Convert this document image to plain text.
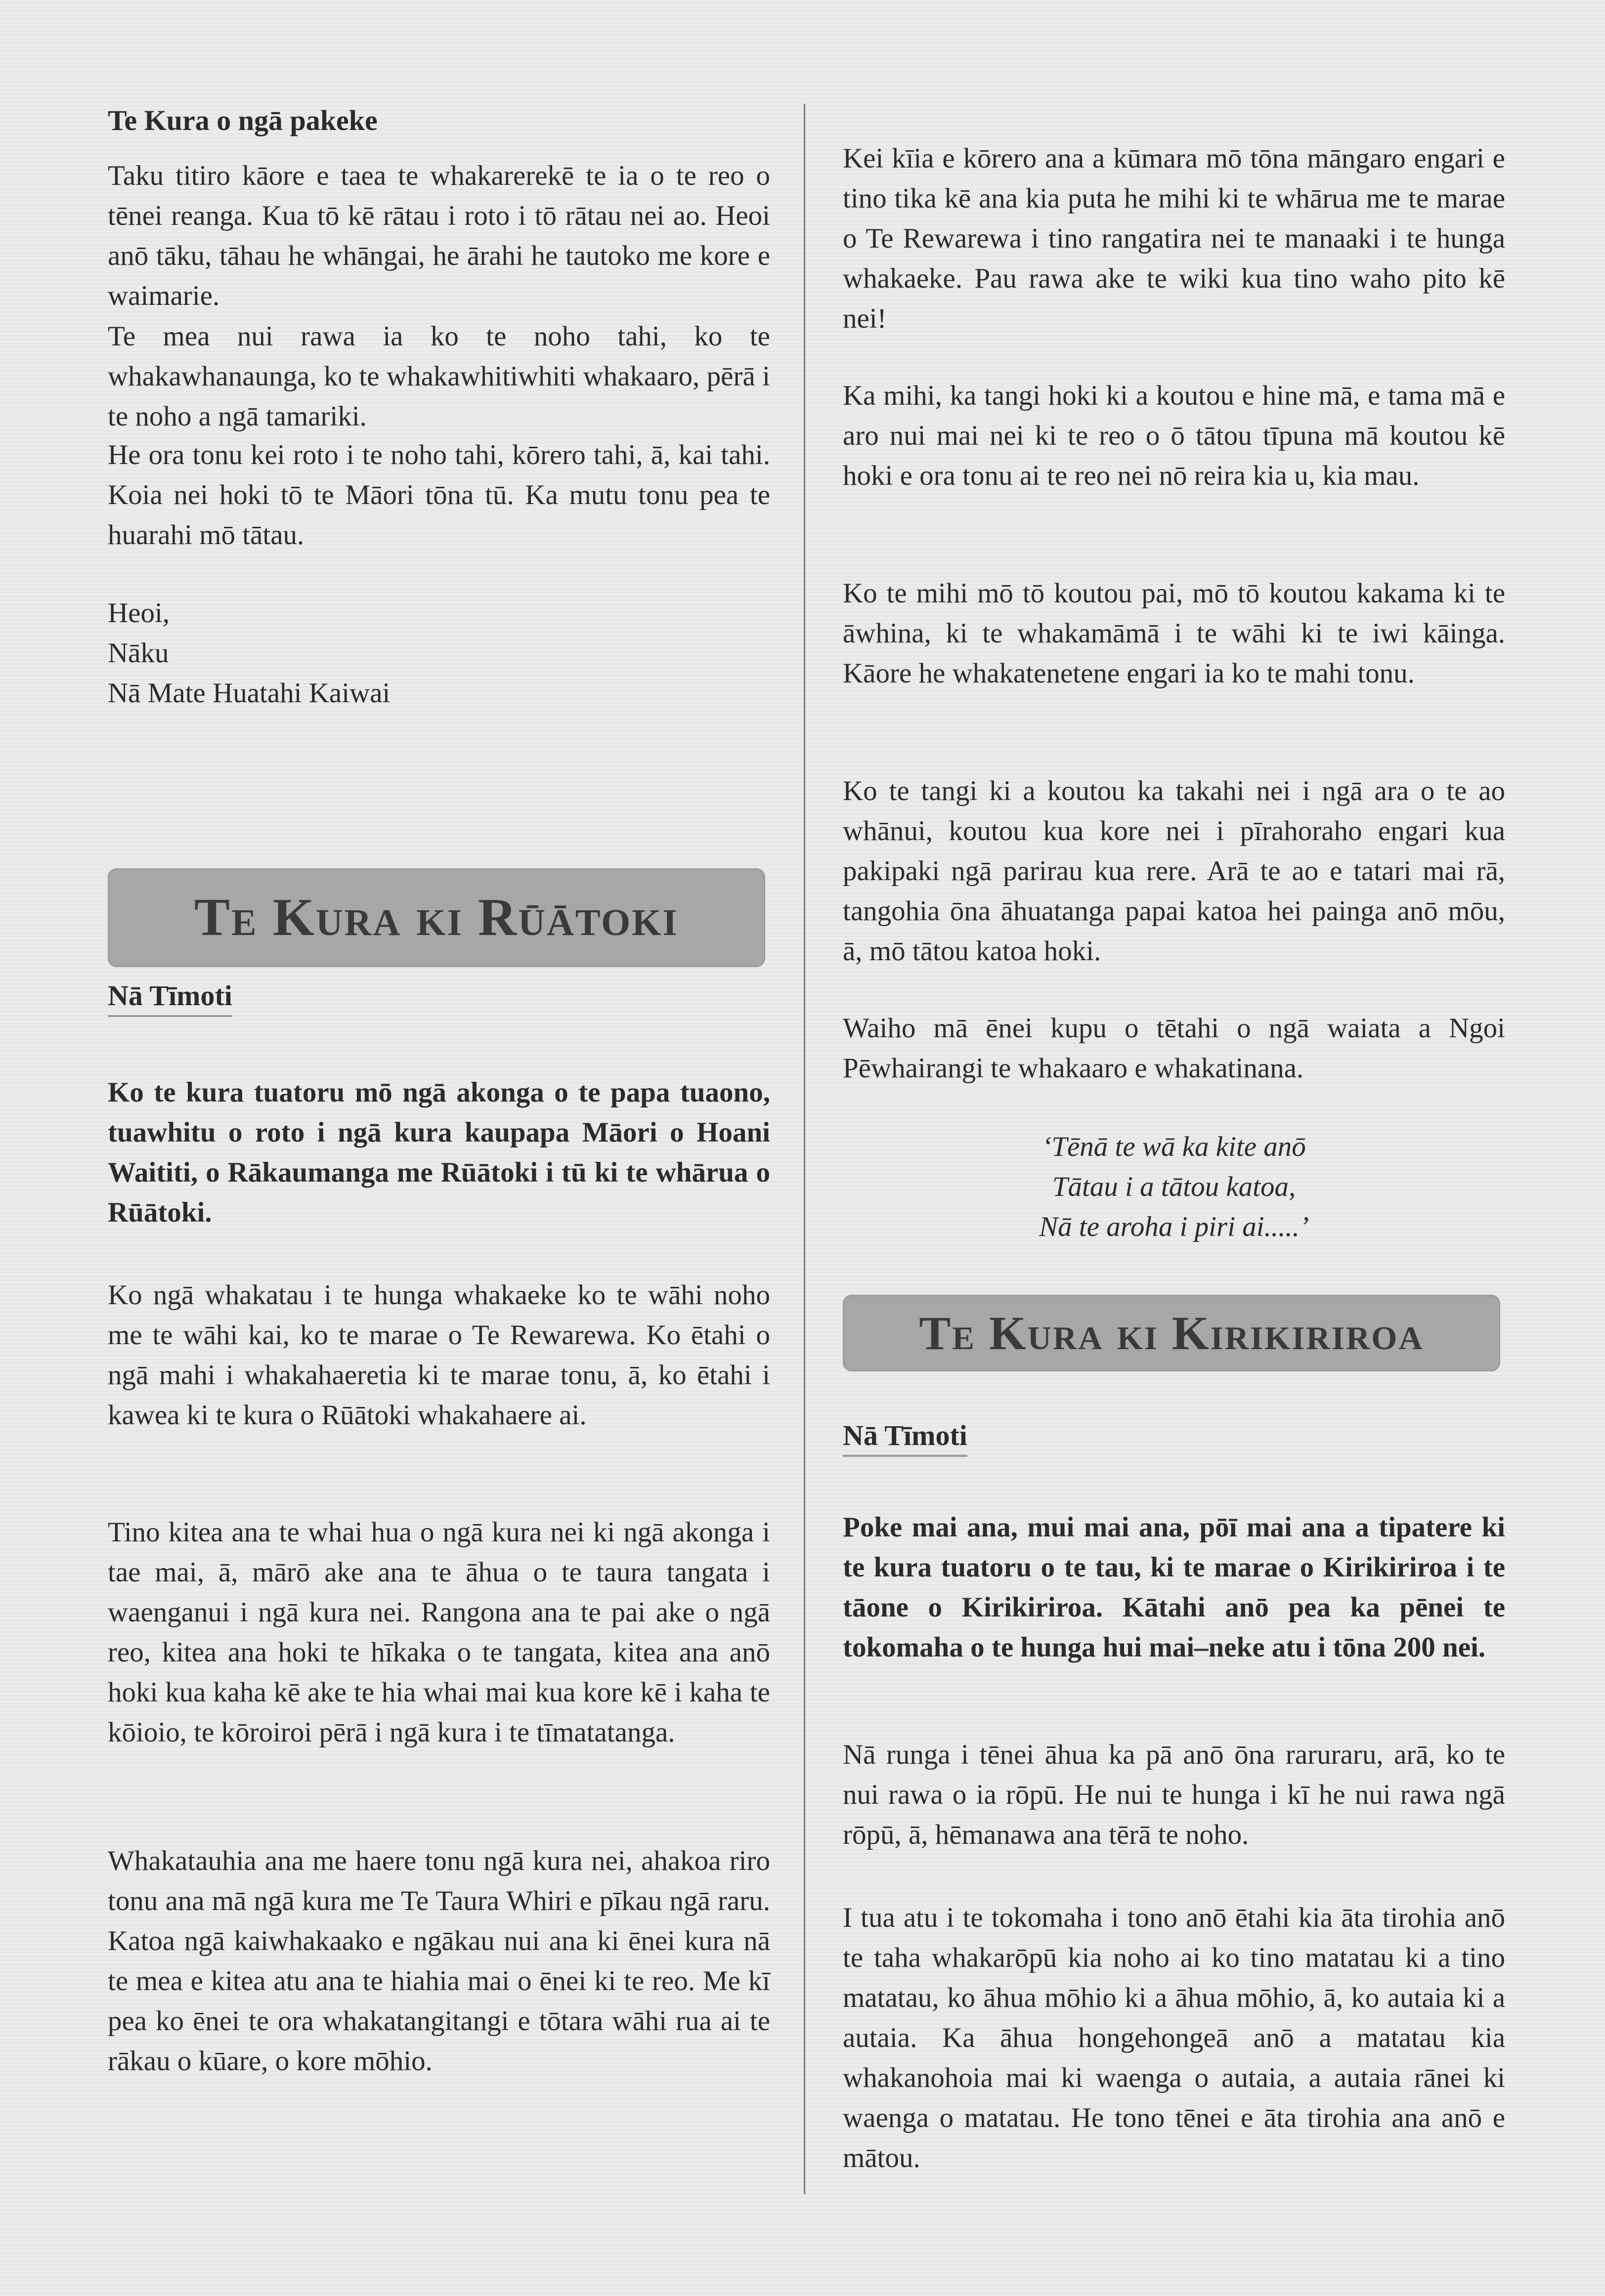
Te Kura o ngā pakeke

Taku titiro kāore e taea te whakarerekē te ia o te reo o tēnei reanga. Kua tō kē rātau i roto i tō rātau nei ao. Heoi anō tāku, tāhau he whāngai, he ārahi he tautoko me kore e waimarie.

Te mea nui rawa ia ko te noho tahi, ko te whakawhanaunga, ko te whakawhitiwhiti whakaaro, pērā i te noho a ngā tamariki.

He ora tonu kei roto i te noho tahi, kōrero tahi, ā, kai tahi. Koia nei hoki tō te Māori tōna tū. Ka mutu tonu pea te huarahi mō tātau.

Heoi,

Nāku

Nā Mate Huatahi Kaiwai

Te Kura ki Rūātoki
Nā Tīmoti

Ko te kura tuatoru mō ngā akonga o te papa tuaono, tuawhitu o roto i ngā kura kaupapa Māori o Hoani Waititi, o Rākaumanga me Rūātoki i tū ki te whārua o Rūātoki.

Ko ngā whakatau i te hunga whakaeke ko te wāhi noho me te wāhi kai, ko te marae o Te Rewarewa. Ko ētahi o ngā mahi i whakahaeretia ki te marae tonu, ā, ko ētahi i kawea ki te kura o Rūātoki whakahaere ai.

Tino kitea ana te whai hua o ngā kura nei ki ngā akonga i tae mai, ā, mārō ake ana te āhua o te taura tangata i waenganui i ngā kura nei. Rangona ana te pai ake o ngā reo, kitea ana hoki te hīkaka o te tangata, kitea ana anō hoki kua kaha kē ake te hia whai mai kua kore kē i kaha te kōioio, te kōroiroi pērā i ngā kura i te tīmatatanga.

Whakatauhia ana me haere tonu ngā kura nei, ahakoa riro tonu ana mā ngā kura me Te Taura Whiri e pīkau ngā raru. Katoa ngā kaiwhakaako e ngākau nui ana ki ēnei kura nā te mea e kitea atu ana te hiahia mai o ēnei ki te reo. Me kī pea ko ēnei te ora whakatangitangi e tōtara wāhi rua ai te rākau o kūare, o kore mōhio.

Kei kīia e kōrero ana a kūmara mō tōna māngaro engari e tino tika kē ana kia puta he mihi ki te whārua me te marae o Te Rewarewa i tino rangatira nei te manaaki i te hunga whakaeke. Pau rawa ake te wiki kua tino waho pito kē nei!

Ka mihi, ka tangi hoki ki a koutou e hine mā, e tama mā e aro nui mai nei ki te reo o ō tātou tīpuna mā koutou kē hoki e ora tonu ai te reo nei nō reira kia u, kia mau.

Ko te mihi mō tō koutou pai, mō tō koutou kakama ki te āwhina, ki te whakamāmā i te wāhi ki te iwi kāinga. Kāore he whakatenetene engari ia ko te mahi tonu.

Ko te tangi ki a koutou ka takahi nei i ngā ara o te ao whānui, koutou kua kore nei i pīrahoraho engari kua pakipaki ngā parirau kua rere. Arā te ao e tatari mai rā, tangohia ōna āhuatanga papai katoa hei painga anō mōu, ā, mō tātou katoa hoki.

Waiho mā ēnei kupu o tētahi o ngā waiata a Ngoi Pēwhairangi te whakaaro e whakatinana.

‘Tēnā te wā ka kite anō

Tātau i a tātou katoa,

Nā te aroha i piri ai.....’

Te Kura ki Kirikiriroa
Nā Tīmoti

Poke mai ana, mui mai ana, pōī mai ana a tipatere ki te kura tuatoru o te tau, ki te marae o Kirikiriroa i te tāone o Kirikiriroa. Kātahi anō pea ka pēnei te tokomaha o te hunga hui mai–neke atu i tōna 200 nei.

Nā runga i tēnei āhua ka pā anō ōna raruraru, arā, ko te nui rawa o ia rōpū. He nui te hunga i kī he nui rawa ngā rōpū, ā, hēmanawa ana tērā te noho.

I tua atu i te tokomaha i tono anō ētahi kia āta tirohia anō te taha whakarōpū kia noho ai ko tino matatau ki a tino matatau, ko āhua mōhio ki a āhua mōhio, ā, ko autaia ki a autaia. Ka āhua hongehongeā anō a matatau kia whakanohoia mai ki waenga o autaia, a autaia rānei ki waenga o matatau. He tono tēnei e āta tirohia ana anō e mātou.
